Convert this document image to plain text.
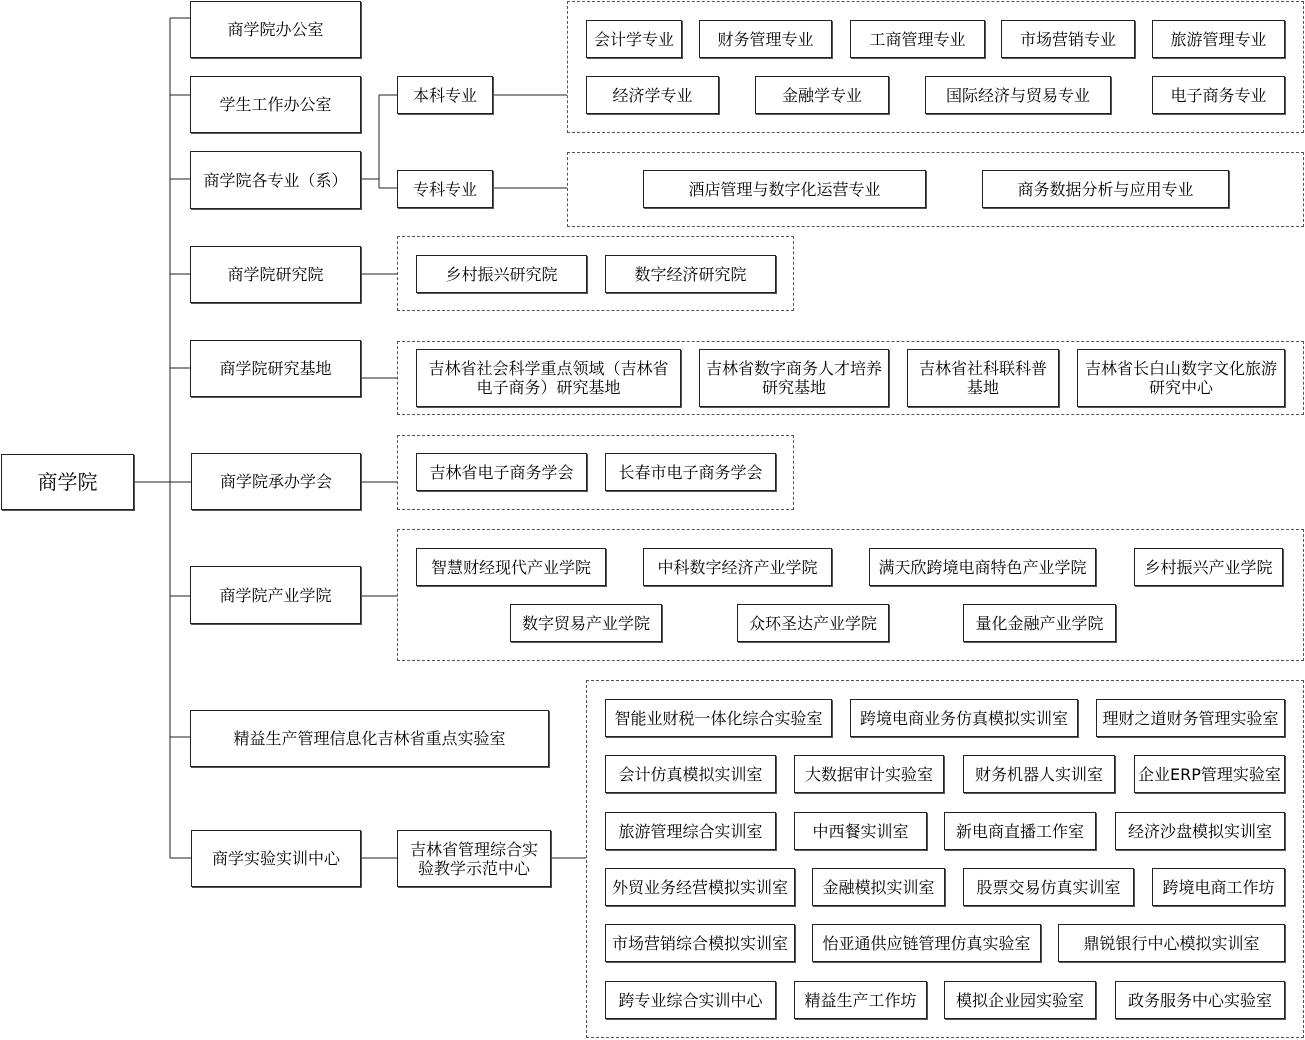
商学院
商学院办公室
学生工作办公室
商学院各专业（系）
商学院研究院
商学院研究基地
商学院承办学会
商学院产业学院
精益生产管理信息化吉林省重点实验室
商学实验实训中心
本科专业
专科专业
吉林省管理综合实
验教学示范中心
会计学专业	财务管理专业	工商管理专业	市场营销专业	旅游管理专业
经济学专业	金融学专业	国际经济与贸易专业	电子商务专业
酒店管理与数字化运营专业	商务数据分析与应用专业
乡村振兴研究院	数字经济研究院
吉林省社会科学重点领域（吉林省
电子商务）研究基地
吉林省数字商务人才培养
研究基地
吉林省社科联科普
基地
吉林省长白山数字文化旅游
研究中心
吉林省电子商务学会	长春市电子商务学会
智慧财经现代产业学院	中科数字经济产业学院	满天欣跨境电商特色产业学院	乡村振兴产业学院
数字贸易产业学院	众环圣达产业学院	量化金融产业学院
智能业财税一体化综合实验室	跨境电商业务仿真模拟实训室	理财之道财务管理实验室
会计仿真模拟实训室	大数据审计实验室	财务机器人实训室	企业ERP管理实验室
旅游管理综合实训室	中西餐实训室	新电商直播工作室	经济沙盘模拟实训室
外贸业务经营模拟实训室	金融模拟实训室	股票交易仿真实训室	跨境电商工作坊
市场营销综合模拟实训室	怡亚通供应链管理仿真实验室	鼎锐银行中心模拟实训室
跨专业综合实训中心	精益生产工作坊	模拟企业园实验室	政务服务中心实验室
